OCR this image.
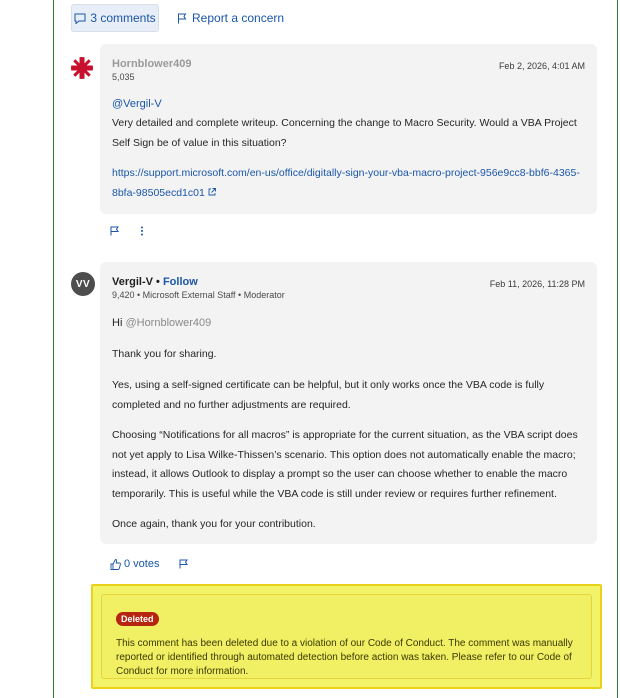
3 comments	Report a concern
Hornblower409
5,035
Feb 2, 2026, 4:01 AM
@Vergil-V
Very detailed and complete writeup. Concerning the change to Macro Security. Would a VBA Project Self Sign be of value in this situation?
https://support.microsoft.com/en-us/office/digitally-sign-your-vba-macro-project-956e9cc8-bbf6-4365-8bfa-98505ecd1c01
VV	Vergil-V • Follow
9,420 • Microsoft External Staff • Moderator
Feb 11, 2026, 11:28 PM
Hi @Hornblower409
Thank you for sharing.
Yes, using a self-signed certificate can be helpful, but it only works once the VBA code is fully completed and no further adjustments are required.
Choosing “Notifications for all macros” is appropriate for the current situation, as the VBA script does not yet apply to Lisa Wilke-Thissen’s scenario. This option does not automatically enable the macro; instead, it allows Outlook to display a prompt so the user can choose whether to enable the macro temporarily. This is useful while the VBA code is still under review or requires further refinement.
Once again, thank you for your contribution.
0 votes
Deleted
This comment has been deleted due to a violation of our Code of Conduct. The comment was manually reported or identified through automated detection before action was taken. Please refer to our Code of Conduct for more information.
